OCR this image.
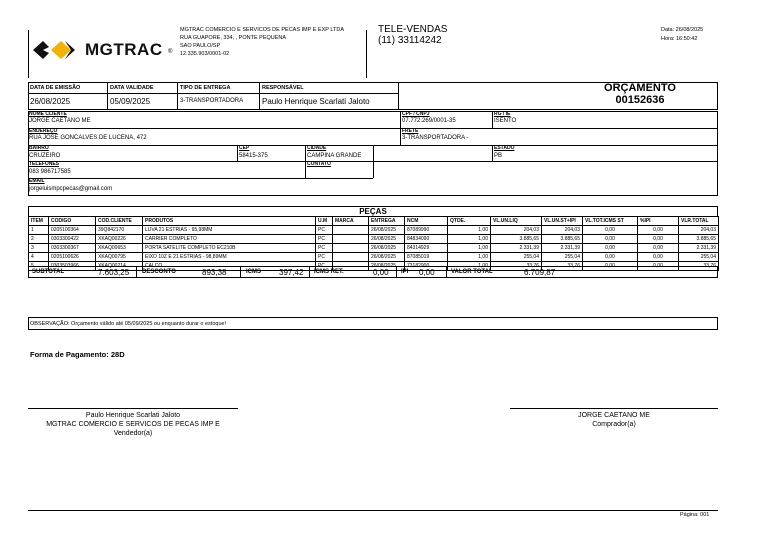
MGTRAC ®
MGTRAC COMERCIO E SERVICOS DE PECAS IMP E EXP LTDA
RUA GUAPORE, 334, , PONTE PEQUENA
SAO PAULO/SP
12.335.903/0001-02
TELE-VENDAS
(11) 33114242
Data: 26/08/2025
Hora: 16:50:42
DATA DE EMISSÃO
26/08/2025
DATA VALIDADE
05/09/2025
TIPO DE ENTREGA
3-TRANSPORTADORA
RESPONSÁVEL
Paulo Henrique Scarlati Jaloto
ORÇAMENTO
00152636
NOME CLIENTE
JORGE CAETANO ME
CPF / CNPJ
07.772.269/0001-35
RG / IE
ISENTO
ENDEREÇO
RUA JOSE GONCALVES DE LUCENA, 472
FRETE
3-TRANSPORTADORA -
BAIRRO
CRUZEIRO
CEP
58415-375
CIDADE
CAMPINA GRANDE
ESTADO
PB
TELEFONES
083 986717585
CONTATO
EMAIL
jorgeluismpcpecas@gmail.com
PEÇAS
ITEM	CODIGO	COD.CLIENTE	PRODUTOS	U.M	MARCA	ENTREGA	NCM	QTDE.	VL.UN.LIQ	VL.UN.ST+IPI	VL.TOT.ICMS ST	%IPI	VLR.TOTAL
1	0205100364	39Q842170	LUVA 21 ESTRIAS - 65,98MM	PC		26/08/2025	87089990	1,00	204,03	204,03	0,00	0,00	204,03
2	0303300422	XKAQ00226	CARRIER COMPLETO	PC		26/08/2025	84834090	1,00	3.885,65	3.885,65	0,00	0,00	3.885,65
3	0303300367	XKAQ00653	PORTA SATELITE COMPLETO EC210B	PC		26/08/2025	84314929	1,00	2.331,39	2.331,39	0,00	0,00	2.331,39
4	0205100626	XKAQ00795	EIXO 10Z E 21 ESTRIAS - 98,89MM	PC		26/08/2025	87085019	1,00	255,04	255,04	0,00	0,00	255,04
5	0303503966	XKAQ00214	CALCO	PC		26/08/2025	73182900	1,00	33,76	33,76	0,00	0,00	33,76
SUBTOTAL	7.603,25 DESCONTO	893,38	ICMS 397,42 ICMS RET.	0,00 IPI 0,00	VALOR TOTAL	6.709,87
OBSERVAÇÃO: Orçamento válido até 05/09/2025 ou enquanto durar o estoque!
Forma de Pagamento: 28D
Paulo Henrique Scarlati Jaloto
MGTRAC COMERCIO E SERVICOS DE PECAS IMP E
Vendedor(a)
JORGE CAETANO ME
Comprador(a)
Página: 001
